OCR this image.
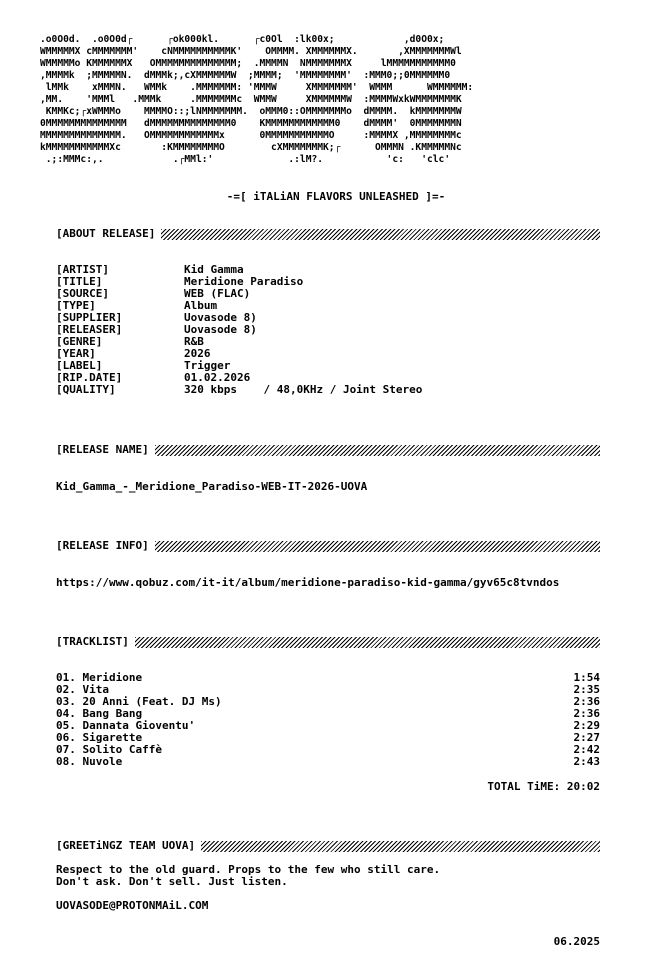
.o0O0d.  .o0O0d┌      ┌ok000kl.      ┌c0Ol  :lk00x;            ,d0O0x;
WMMMMMX cMMMMMMM'    cNMMMMMMMMMMK'    OMMMM. XMMMMMMX.       ,XMMMMMMMWl
WMMMMMo KMMMMMMX   OMMMMMMMMMMMMMM;  .MMMMN  NMMMMMMMX     lMMMMMMMMMMM0
,MMMMk  ;MMMMMN.  dMMMk;,cXMMMMMMW  ;MMMM;  'MMMMMMMM'  :MMM0;;0MMMMMM0
lMMk    xMMMN.   WMMk    .MMMMMMM: 'MMMW     XMMMMMMM'  WMMM      WMMMMMM:
,MM.    'MMMl   .MMMk     .MMMMMMMc  WMMW     XMMMMMMW  :MMMMWxkWMMMMMMMK
KMMKc;┌xWMMMo    MMMMO::;lNMMMMMMM.  oMMM0::OMMMMMMMo  dMMMM.  kMMMMMMMW
0MMMMMMMMMMMMMM   dMMMMMMMMMMMMMM0    KMMMMMMMMMMMM0    dMMMM'  0MMMMMMMN
MMMMMMMMMMMMMM.   OMMMMMMMMMMMMx      0MMMMMMMMMMMO     :MMMMX ,MMMMMMMMc
kMMMMMMMMMMMXc       :KMMMMMMMMO        cXMMMMMMMK;┌      OMMMN .KMMMMMNc
.;:MMMc:,.            .┌MMl:'             .:lM?.           'c:   'clc'
-=[ iTALiAN FLAVORS UNLEASHED ]=-
[ABOUT RELEASE]
[ARTIST]	Kid Gamma
[TITLE]	Meridione Paradiso
[SOURCE]	WEB (FLAC)
[TYPE]	Album
[SUPPLIER]	Uovasode 8)
[RELEASER]	Uovasode 8)
[GENRE]	R&B
[YEAR]	2026
[LABEL]	Trigger
[RIP.DATE]	01.02.2026
[QUALITY]	320 kbps    / 48,0KHz / Joint Stereo
[RELEASE NAME]
Kid_Gamma_-_Meridione_Paradiso-WEB-IT-2026-UOVA
[RELEASE INFO]
https://www.qobuz.com/it-it/album/meridione-paradiso-kid-gamma/gyv65c8tvndos
[TRACKLIST]
01. Meridione	1:54
02. Vita	2:35
03. 20 Anni (Feat. DJ Ms)	2:36
04. Bang Bang	2:36
05. Dannata Gioventu'	2:29
06. Sigarette	2:27
07. Solito Caffè	2:42
08. Nuvole	2:43
TOTAL TiME: 20:02
[GREETiNGZ TEAM UOVA]
Respect to the old guard. Props to the few who still care.
Don't ask. Don't sell. Just listen.
UOVASODE@PROTONMAiL.COM
06.2025
